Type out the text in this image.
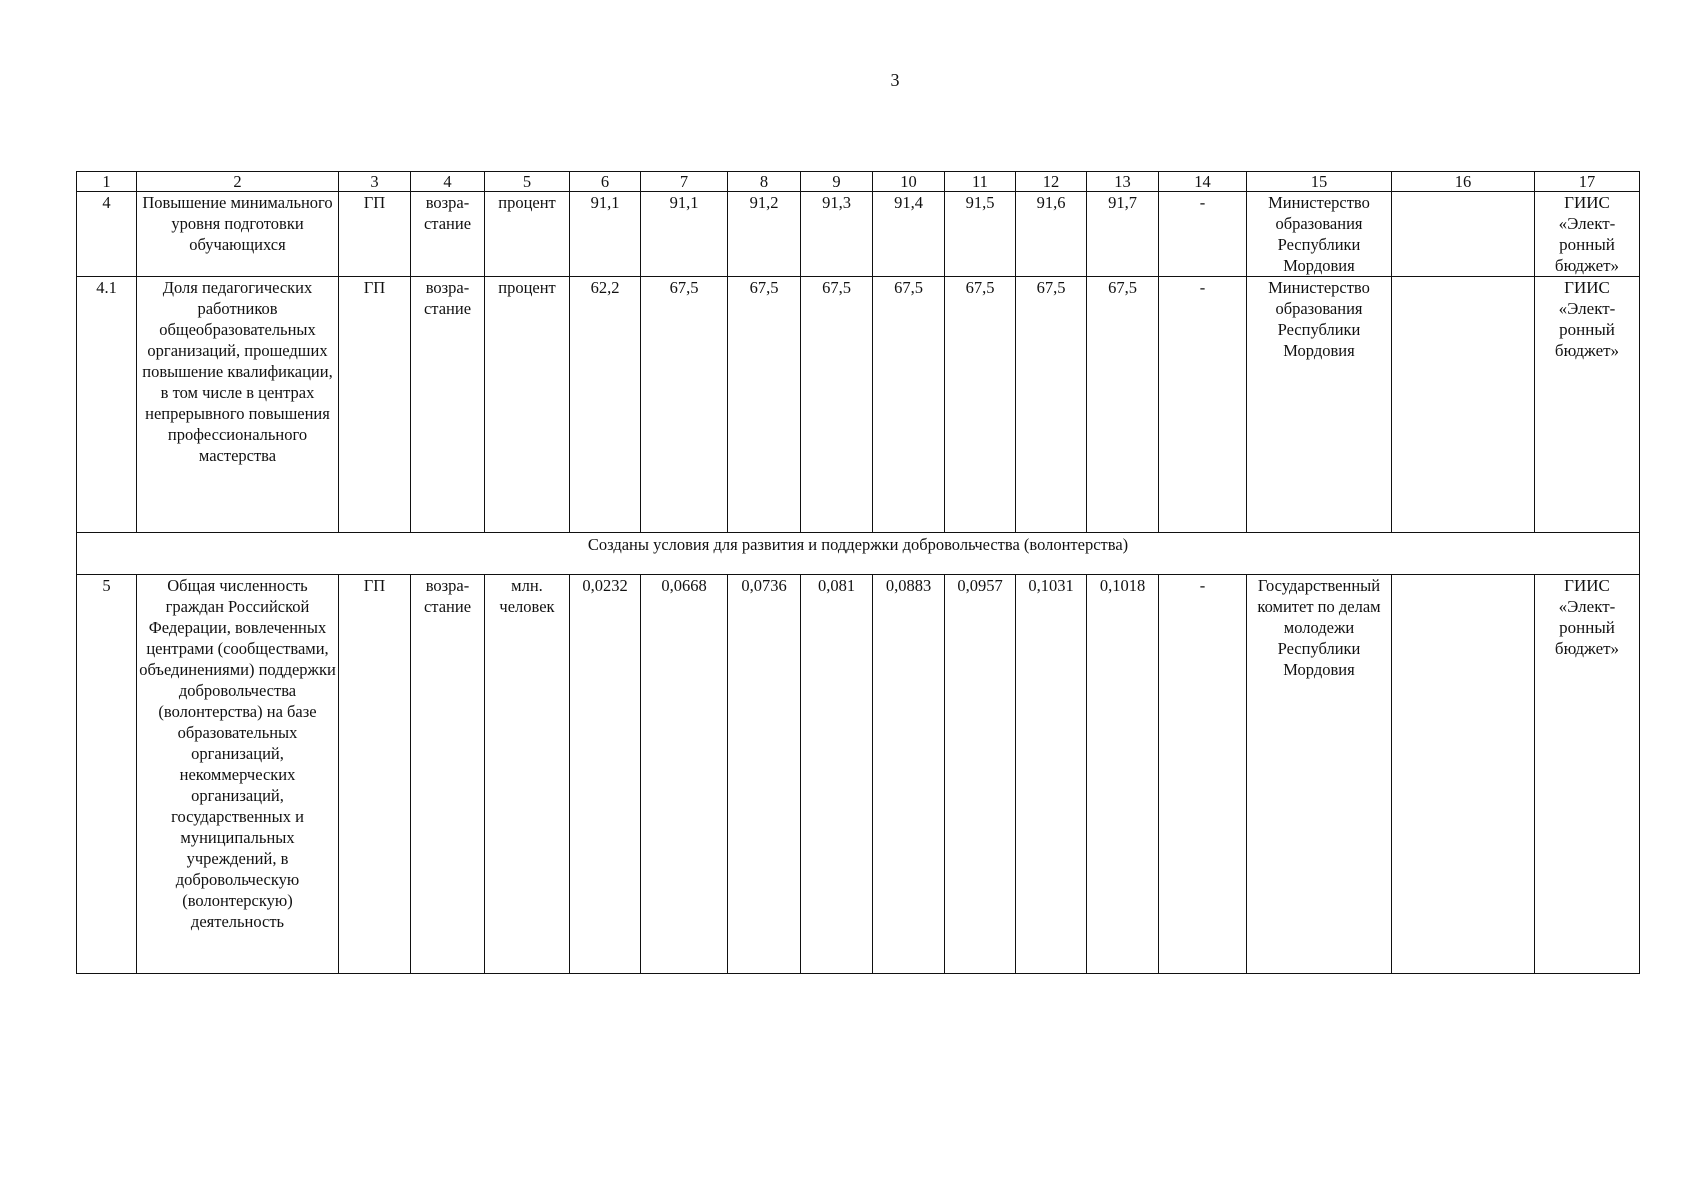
3
1	2	3	4	5	6	7	8	9	10	11	12	13	14	15	16	17
4	Повышение минимального уровня подготовки обучающихся	ГП	возра-стание	процент	91,1	91,1	91,2	91,3	91,4	91,5	91,6	91,7	-	Министерство образования Республики Мордовия		ГИИС «Элект-ронный бюджет»
4.1	Доля педагогических работников общеобразовательных организаций, прошедших повышение квалификации, в том числе в центрах непрерывного повышения профессионального мастерства	ГП	возра-стание	процент	62,2	67,5	67,5	67,5	67,5	67,5	67,5	67,5	-	Министерство образования Республики Мордовия		ГИИС «Элект-ронный бюджет»
Созданы условия для развития и поддержки добровольчества (волонтерства)																
5	Общая численность граждан Российской Федерации, вовлеченных центрами (сообществами, объединениями) поддержки добровольчества (волонтерства) на базе образовательных организаций, некоммерческих организаций, государственных и муниципальных учреждений, в добровольческую (волонтерскую) деятельность	ГП	возра-стание	млн. человек	0,0232	0,0668	0,0736	0,081	0,0883	0,0957	0,1031	0,1018	-	Государственный комитет по делам молодежи Республики Мордовия		ГИИС «Элект-ронный бюджет»
